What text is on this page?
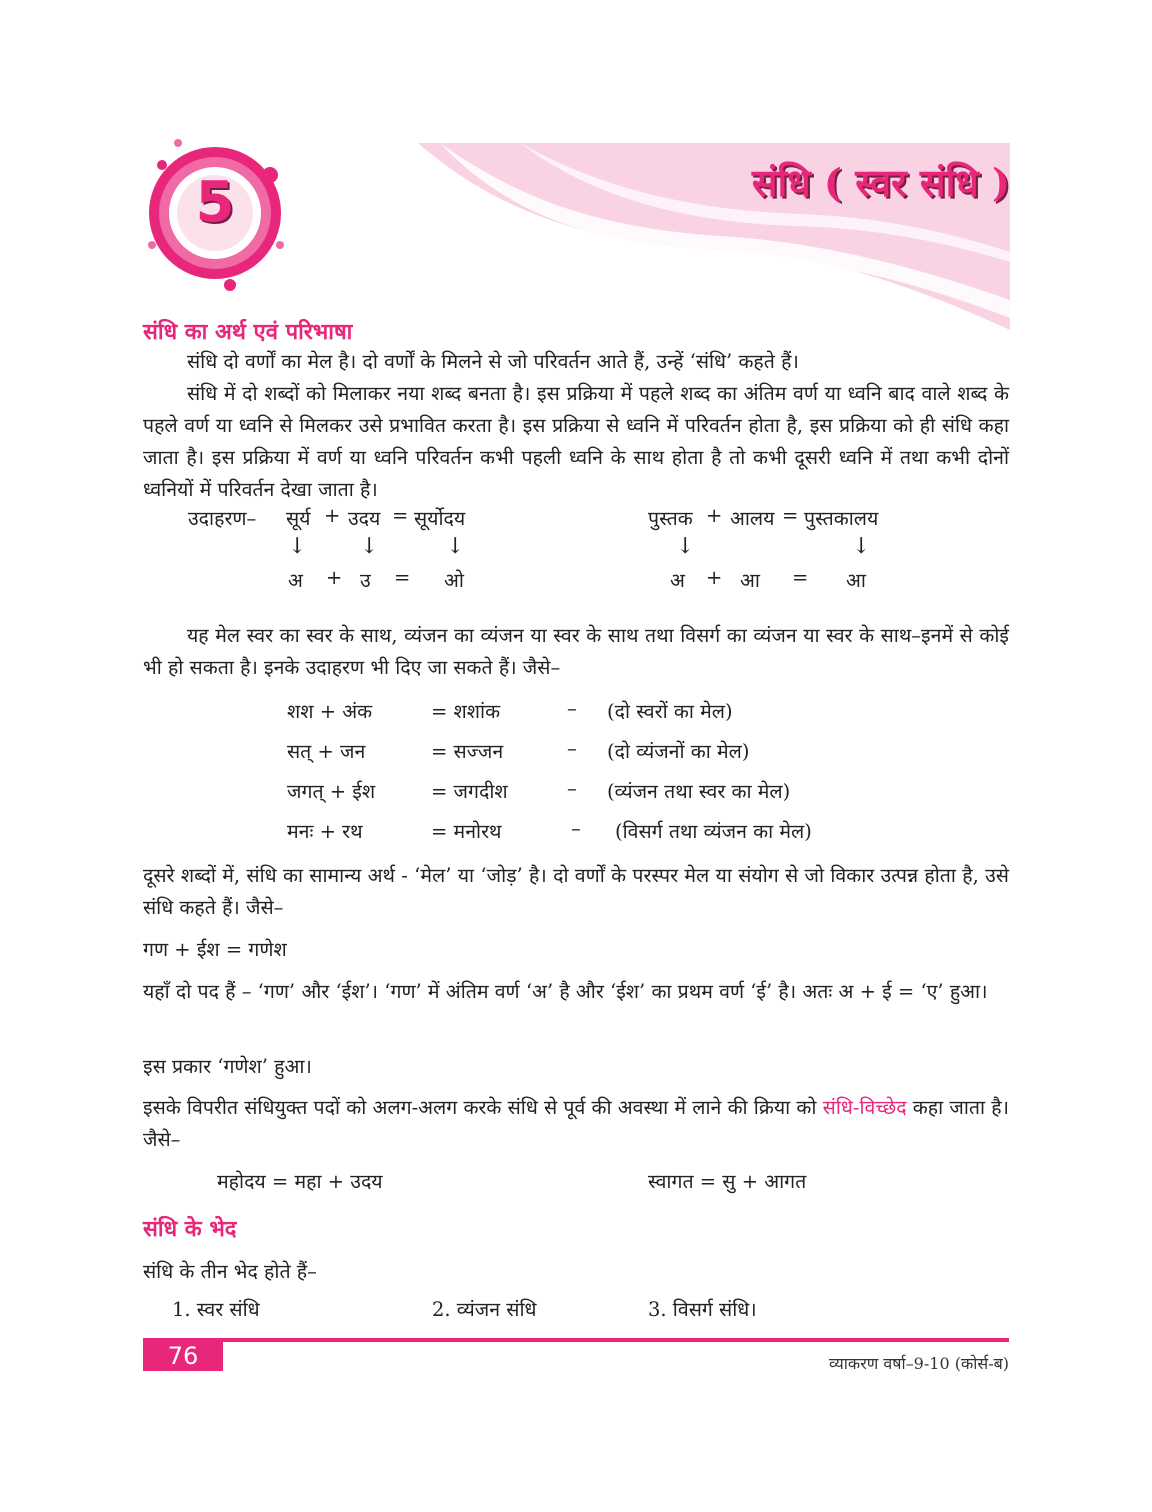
5	संधि ( स्वर संधि )
संधि का अर्थ एवं परिभाषा

संधि दो वर्णों का मेल है। दो वर्णों के मिलने से जो परिवर्तन आते हैं, उन्हें ‘संधि’ कहते हैं।

संधि में दो शब्दों को मिलाकर नया शब्द बनता है। इस प्रक्रिया में पहले शब्द का अंतिम वर्ण या ध्वनि बाद वाले शब्द के पहले वर्ण या ध्वनि से मिलकर उसे प्रभावित करता है। इस प्रक्रिया से ध्वनि में परिवर्तन होता है, इस प्रक्रिया को ही संधि कहा जाता है। इस प्रक्रिया में वर्ण या ध्वनि परिवर्तन कभी पहली ध्वनि के साथ होता है तो कभी दूसरी ध्वनि में तथा कभी दोनों ध्वनियों में परिवर्तन देखा जाता है।

उदाहरण– सूर्य + उदय = सूर्योदय
↓ ↓	↓
अ + उ = ओ
पुस्तक + आलय = पुस्तकालय
↓	↓
अ + आ = आ

यह मेल स्वर का स्वर के साथ, व्यंजन का व्यंजन या स्वर के साथ तथा विसर्ग का व्यंजन या स्वर के साथ–इनमें से कोई भी हो सकता है। इनके उदाहरण भी दिए जा सकते हैं। जैसे–

शश + अंक	= शशांक	– (दो स्वरों का मेल)
सत् + जन	= सज्जन	– (दो व्यंजनों का मेल)
जगत् + ईश	= जगदीश	– (व्यंजन तथा स्वर का मेल)
मनः + रथ	= मनोरथ	– (विसर्ग तथा व्यंजन का मेल)

दूसरे शब्दों में, संधि का सामान्य अर्थ - ‘मेल’ या ‘जोड़’ है। दो वर्णों के परस्पर मेल या संयोग से जो विकार उत्पन्न होता है, उसे संधि कहते हैं। जैसे–

गण + ईश = गणेश

यहाँ दो पद हैं – ‘गण’ और ‘ईश’। ‘गण’ में अंतिम वर्ण ‘अ’ है और ‘ईश’ का प्रथम वर्ण ‘ई’ है। अतः अ + ई = ‘ए’ हुआ।

इस प्रकार ‘गणेश’ हुआ।

इसके विपरीत संधियुक्त पदों को अलग-अलग करके संधि से पूर्व की अवस्था में लाने की क्रिया को संधि-विच्छेद कहा जाता है। जैसे–

महोदय = महा + उदय	स्वागत = सु + आगत
संधि के भेद
संधि के तीन भेद होते हैं–
1. स्वर संधि	2. व्यंजन संधि	3. विसर्ग संधि।
76	व्याकरण वर्षा–9-10 (कोर्स-ब)
